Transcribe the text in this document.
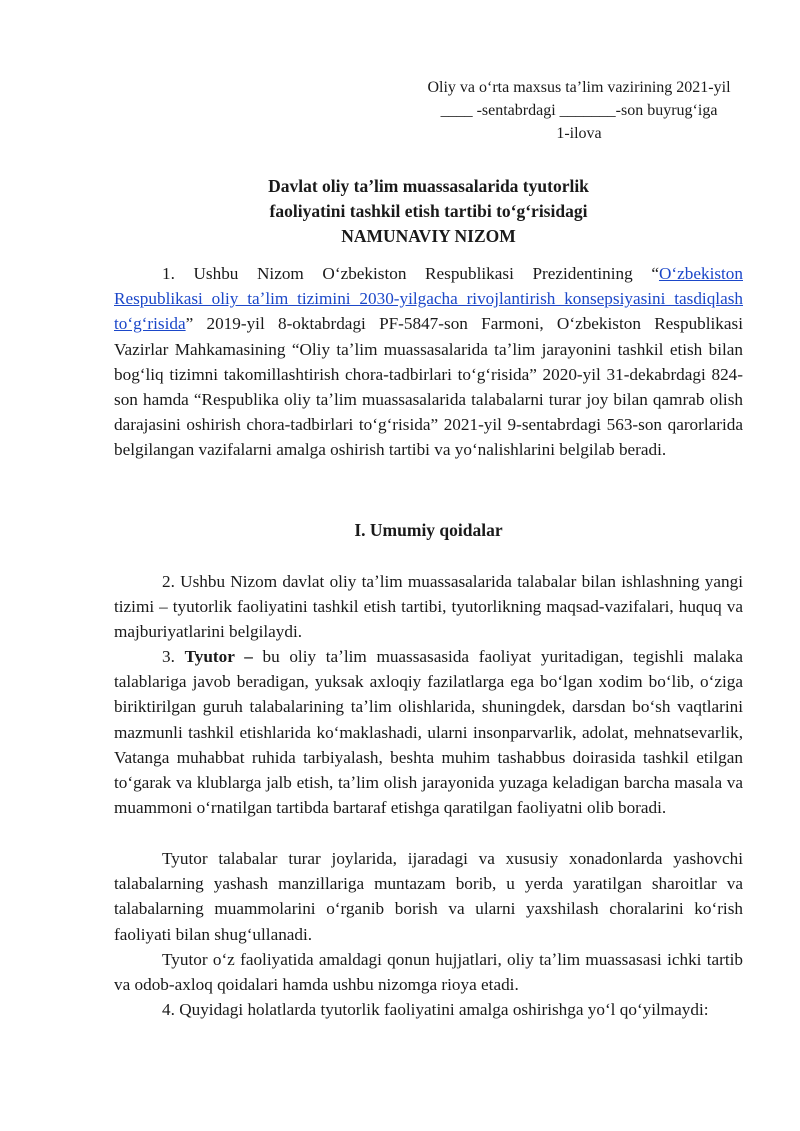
Oliy va oʻrta maxsus taʼlim vazirining 2021-yil
____ -sentabrdagi _______-son buyrugʻiga
1-ilova
Davlat oliy taʼlim muassasalarida tyutorlik
faoliyatini tashkil etish tartibi toʻgʻrisidagi
NAMUNAVIY NIZOM

1. Ushbu Nizom Oʻzbekiston Respublikasi Prezidentining “Oʻzbekiston Respublikasi oliy taʼlim tizimini 2030-yilgacha rivojlantirish konsepsiyasini tasdiqlash toʻgʻrisida” 2019-yil 8-oktabrdagi PF-5847-son Farmoni, Oʻzbekiston Respublikasi Vazirlar Mahkamasining “Oliy taʼlim muassasalarida taʼlim jarayonini tashkil etish bilan bogʻliq tizimni takomillashtirish chora-tadbirlari toʻgʻrisida” 2020-yil 31-dekabrdagi 824-son hamda “Respublika oliy taʼlim muassasalarida talabalarni turar joy bilan qamrab olish darajasini oshirish chora-tadbirlari toʻgʻrisida” 2021-yil 9-sentabrdagi 563-son qarorlarida belgilangan vazifalarni amalga oshirish tartibi va yoʻnalishlarini belgilab beradi.

I. Umumiy qoidalar

2. Ushbu Nizom davlat oliy taʼlim muassasalarida talabalar bilan ishlashning yangi tizimi – tyutorlik faoliyatini tashkil etish tartibi, tyutorlikning maqsad-vazifalari, huquq va majburiyatlarini belgilaydi.

3. Tyutor – bu oliy taʼlim muassasasida faoliyat yuritadigan, tegishli malaka talablariga javob beradigan, yuksak axloqiy fazilatlarga ega boʻlgan xodim boʻlib, oʻziga biriktirilgan guruh talabalarining taʼlim olishlarida, shuningdek, darsdan boʻsh vaqtlarini mazmunli tashkil etishlarida koʻmaklashadi, ularni insonparvarlik, adolat, mehnatsevarlik, Vatanga muhabbat ruhida tarbiyalash, beshta muhim tashabbus doirasida tashkil etilgan toʻgarak va klublarga jalb etish, taʼlim olish jarayonida yuzaga keladigan barcha masala va muammoni oʻrnatilgan tartibda bartaraf etishga qaratilgan faoliyatni olib boradi.

Tyutor talabalar turar joylarida, ijaradagi va xususiy xonadonlarda yashovchi talabalarning yashash manzillariga muntazam borib, u yerda yaratilgan sharoitlar va talabalarning muammolarini oʻrganib borish va ularni yaxshilash choralarini koʻrish faoliyati bilan shugʻullanadi.

Tyutor oʻz faoliyatida amaldagi qonun hujjatlari, oliy taʼlim muassasasi ichki tartib va odob-axloq qoidalari hamda ushbu nizomga rioya etadi.

4. Quyidagi holatlarda tyutorlik faoliyatini amalga oshirishga yoʻl qoʻyilmaydi:
